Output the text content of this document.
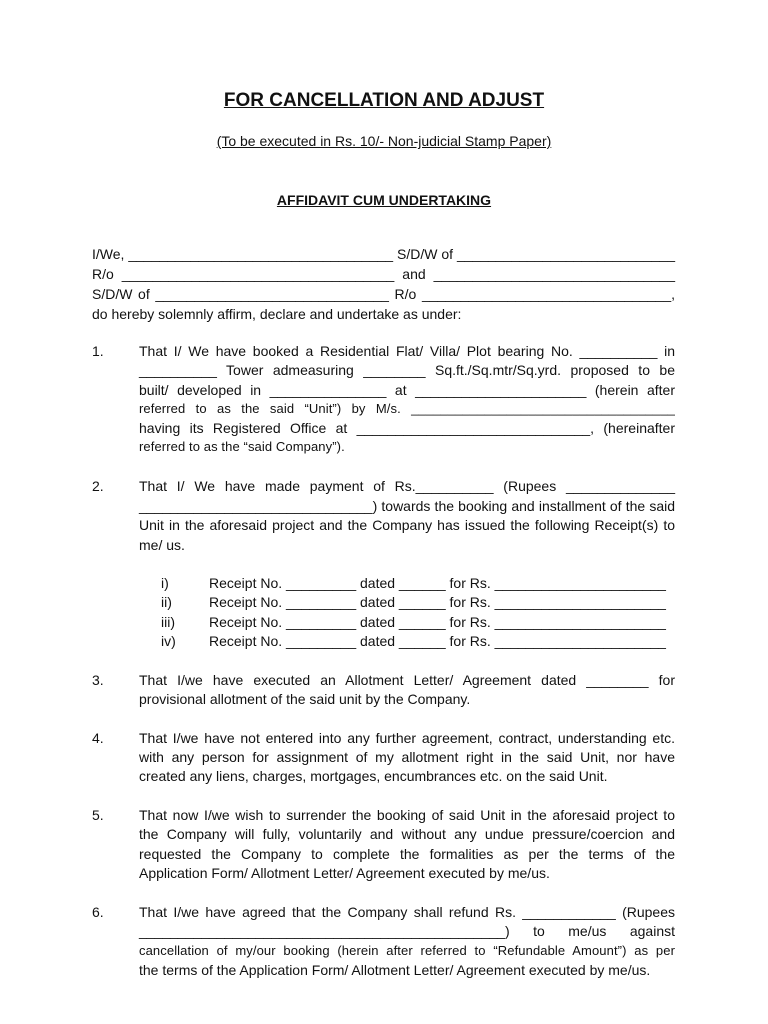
FOR CANCELLATION AND ADJUST
(To be executed in Rs. 10/- Non-judicial Stamp Paper)
AFFIDAVIT CUM UNDERTAKING
I/We, __________________________________ S/D/W of ____________________________
R/o ___________________________________ and _______________________________
S/D/W of ______________________________ R/o ________________________________,
do hereby solemnly affirm, declare and undertake as under:
1.	That I/ We have booked a Residential Flat/ Villa/ Plot bearing No. __________ in
__________ Tower admeasuring ________ Sq.ft./Sq.mtr/Sq.yrd. proposed to be
built/ developed in _______________ at ______________________ (herein after
referred to as the said “Unit”) by M/s. ____________________________________
having its Registered Office at ______________________________, (hereinafter
referred to as the “said Company”).
2.	That I/ We have made payment of Rs.__________ (Rupees ______________
______________________________) towards the booking and installment of the said
Unit in the aforesaid project and the Company has issued the following Receipt(s) to
me/ us.
i)	Receipt No. _________ dated ______ for Rs. ______________________
ii)	Receipt No. _________ dated ______ for Rs. ______________________
iii) Receipt No. _________ dated ______ for Rs. ______________________
iv) Receipt No. _________ dated ______ for Rs. ______________________
3.	That I/we have executed an Allotment Letter/ Agreement dated ________ for
provisional allotment of the said unit by the Company.
4.	That I/we have not entered into any further agreement, contract, understanding etc.
with any person for assignment of my allotment right in the said Unit, nor have
created any liens, charges, mortgages, encumbrances etc. on the said Unit.
5.	That now I/we wish to surrender the booking of said Unit in the aforesaid project to
the Company will fully, voluntarily and without any undue pressure/coercion and
requested the Company to complete the formalities as per the terms of the
Application Form/ Allotment Letter/ Agreement executed by me/us.
6.	That I/we have agreed that the Company shall refund Rs. ____________ (Rupees
_______________________________________________) to me/us against
cancellation of my/our booking (herein after referred to “Refundable Amount”) as per
the terms of the Application Form/ Allotment Letter/ Agreement executed by me/us.
